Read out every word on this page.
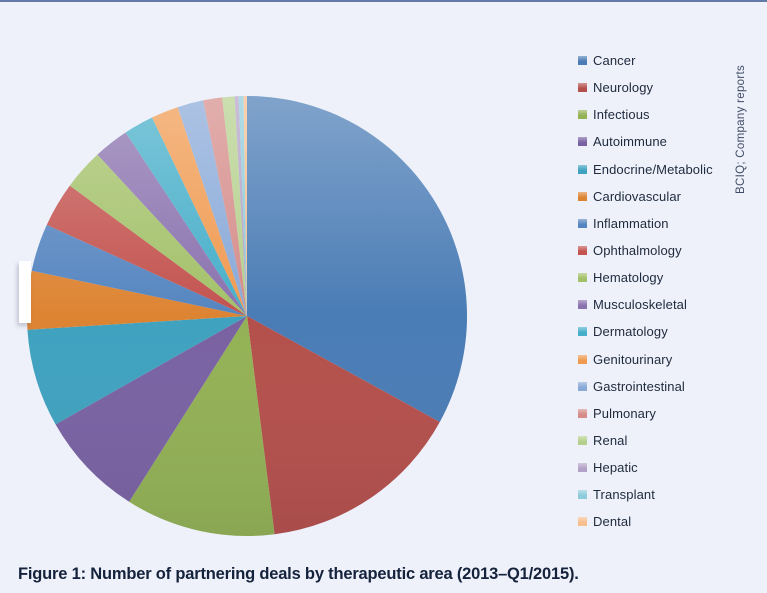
Cancer
Neurology
Infectious
Autoimmune
Endocrine/Metabolic
Cardiovascular
Inflammation
Ophthalmology
Hematology
Musculoskeletal
Dermatology
Genitourinary
Gastrointestinal
Pulmonary
Renal
Hepatic
Transplant
Dental
BCIQ; Company reports
Figure 1: Number of partnering deals by therapeutic area (2013–Q1/2015).
